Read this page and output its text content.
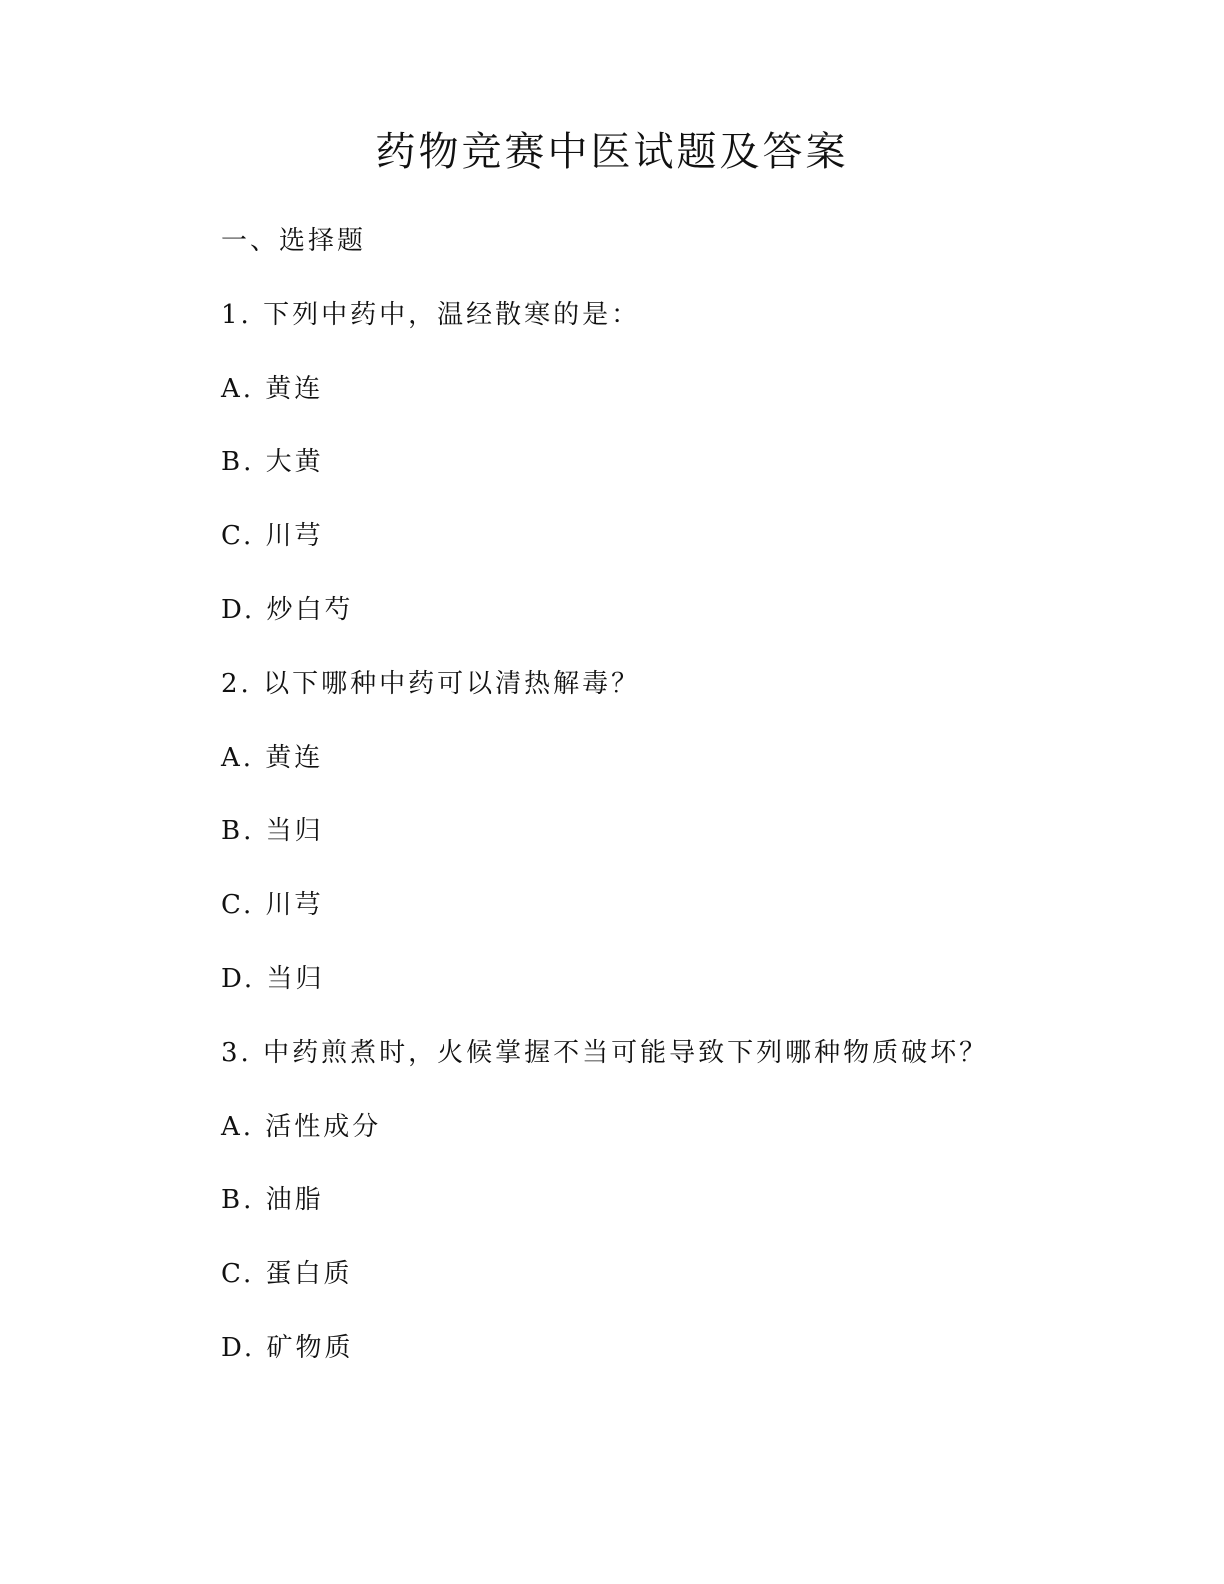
药物竞赛中医试题及答案
一、选择题
1. 下列中药中，温经散寒的是：
A. 黄连
B. 大黄
C. 川芎
D. 炒白芍
2. 以下哪种中药可以清热解毒？
A. 黄连
B. 当归
C. 川芎
D. 当归
3. 中药煎煮时，火候掌握不当可能导致下列哪种物质破坏？
A. 活性成分
B. 油脂
C. 蛋白质
D. 矿物质
